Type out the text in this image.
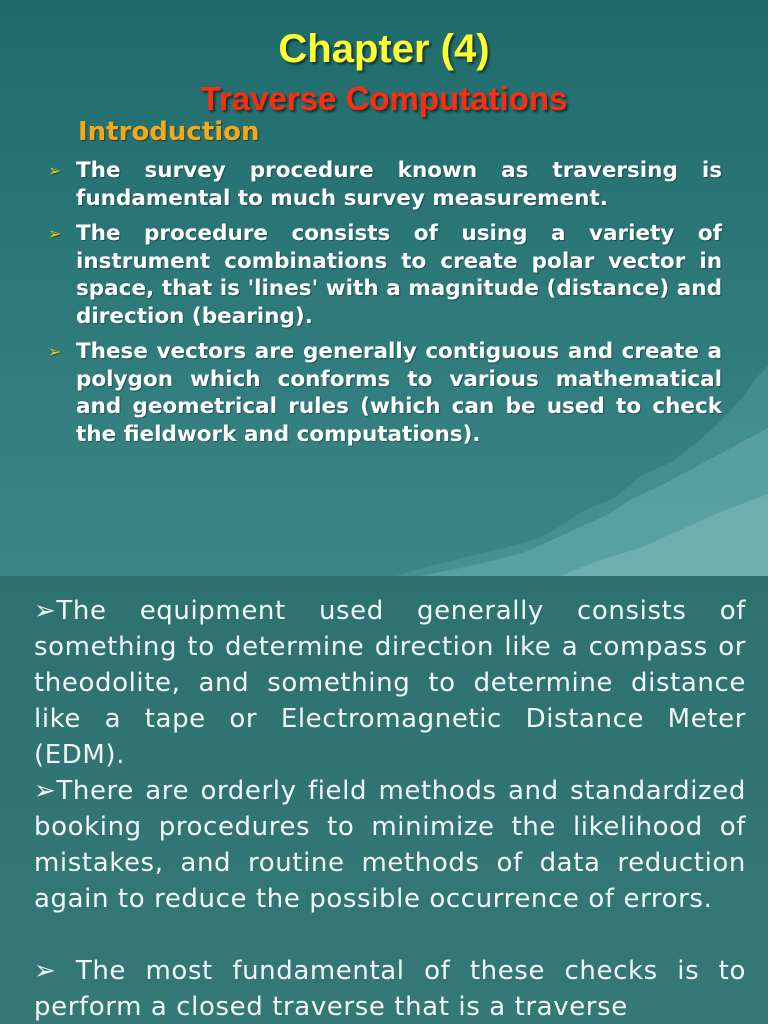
Chapter (4)
Traverse Computations
Introduction
➢ The survey procedure known as traversing is fundamental to much survey measurement.
➢ The procedure consists of using a variety of instrument combinations to create polar vector in space, that is 'lines' with a magnitude (distance) and direction (bearing).
➢ These vectors are generally contiguous and create a polygon which conforms to various mathematical and geometrical rules (which can be used to check the fieldwork and computations).

➢The equipment used generally consists of something to determine direction like a compass or theodolite, and something to determine distance like a tape or Electromagnetic Distance Meter (EDM).

➢There are orderly field methods and standardized booking procedures to minimize the likelihood of mistakes, and routine methods of data reduction again to reduce the possible occurrence of errors.

➢ The most fundamental of these checks is to perform a closed traverse that is a traverse
